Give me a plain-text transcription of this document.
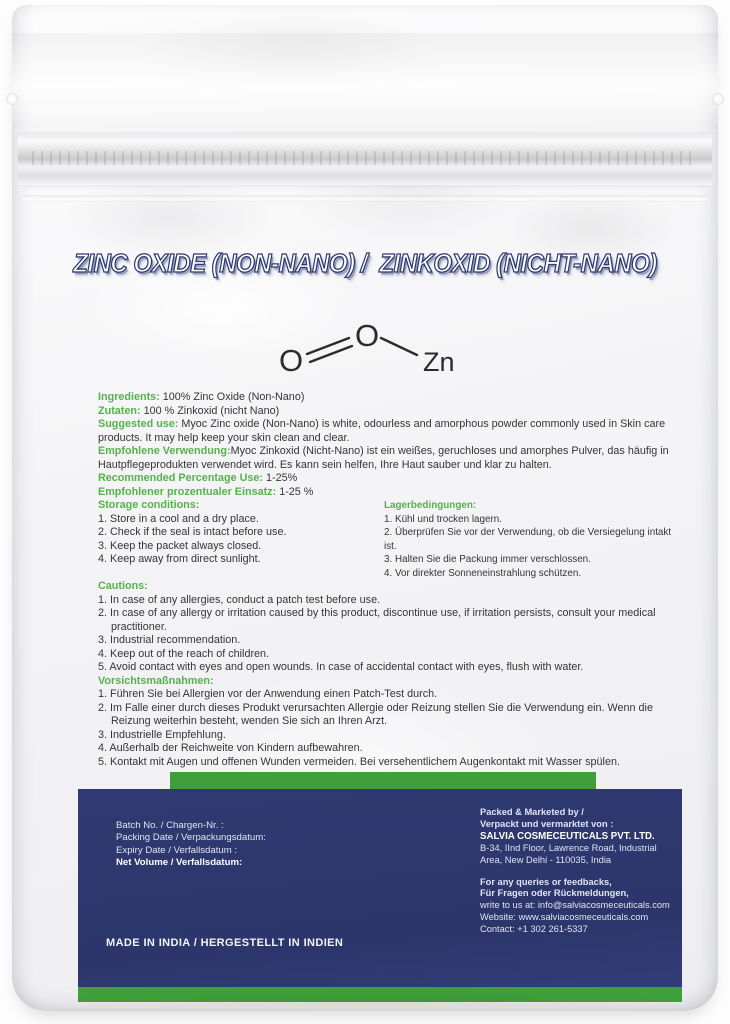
ZINC OXIDE (NON-NANO) /  ZINKOXID (NICHT-NANO)
O
O
Zn

Ingredients: 100% Zinc Oxide (Non-Nano)

Zutaten: 100 % Zinkoxid (nicht Nano)

Suggested use: Myoc Zinc oxide (Non-Nano) is white, odourless and amorphous powder commonly used in Skin care products. It may help keep your skin clean and clear.

Empfohlene Verwendung:Myoc Zinkoxid (Nicht-Nano) ist ein weißes, geruchloses und amorphes Pulver, das häufig in Hautpflegeprodukten verwendet wird. Es kann sein helfen, Ihre Haut sauber und klar zu halten.

Recommended Percentage Use: 1-25%

Empfohlener prozentualer Einsatz: 1-25 %

Storage conditions:

1. Store in a cool and a dry place.

2. Check if the seal is intact before use.

3. Keep the packet always closed.

4. Keep away from direct sunlight.

Lagerbedingungen:

1. Kühl und trocken lagern.

2. Überprüfen Sie vor der Verwendung, ob die Versiegelung intakt ist.

3. Halten Sie die Packung immer verschlossen.

4. Vor direkter Sonneneinstrahlung schützen.

Cautions:

1. In case of any allergies, conduct a patch test before use.

2. In case of any allergy or irritation caused by this product, discontinue use, if irritation persists, consult your medical practitioner.

3. Industrial recommendation.

4. Keep out of the reach of children.

5. Avoid contact with eyes and open wounds. In case of accidental contact with eyes, flush with water.

Vorsichtsmaßnahmen:

1. Führen Sie bei Allergien vor der Anwendung einen Patch-Test durch.

2. Im Falle einer durch dieses Produkt verursachten Allergie oder Reizung stellen Sie die Verwendung ein. Wenn die Reizung weiterhin besteht, wenden Sie sich an Ihren Arzt.

3. Industrielle Empfehlung.

4. Außerhalb der Reichweite von Kindern aufbewahren.

5. Kontakt mit Augen und offenen Wunden vermeiden. Bei versehentlichem Augenkontakt mit Wasser spülen.

Batch No. / Chargen-Nr. :

Packing Date / Verpackungsdatum:

Expiry Date / Verfallsdatum :

Net Volume / Verfallsdatum:

MADE IN INDIA / HERGESTELLT IN INDIEN

Packed & Marketed by /

Verpackt und vermarktet von :

SALVIA COSMECEUTICALS PVT. LTD.

B-34, IInd Floor, Lawrence Road, Industrial

Area, New Delhi - 110035, India

For any queries or feedbacks,

Für Fragen oder Rückmeldungen,

write to us at: info@salviacosmeceuticals.com

Website: www.salviacosmeceuticals.com

Contact: +1 302 261-5337
